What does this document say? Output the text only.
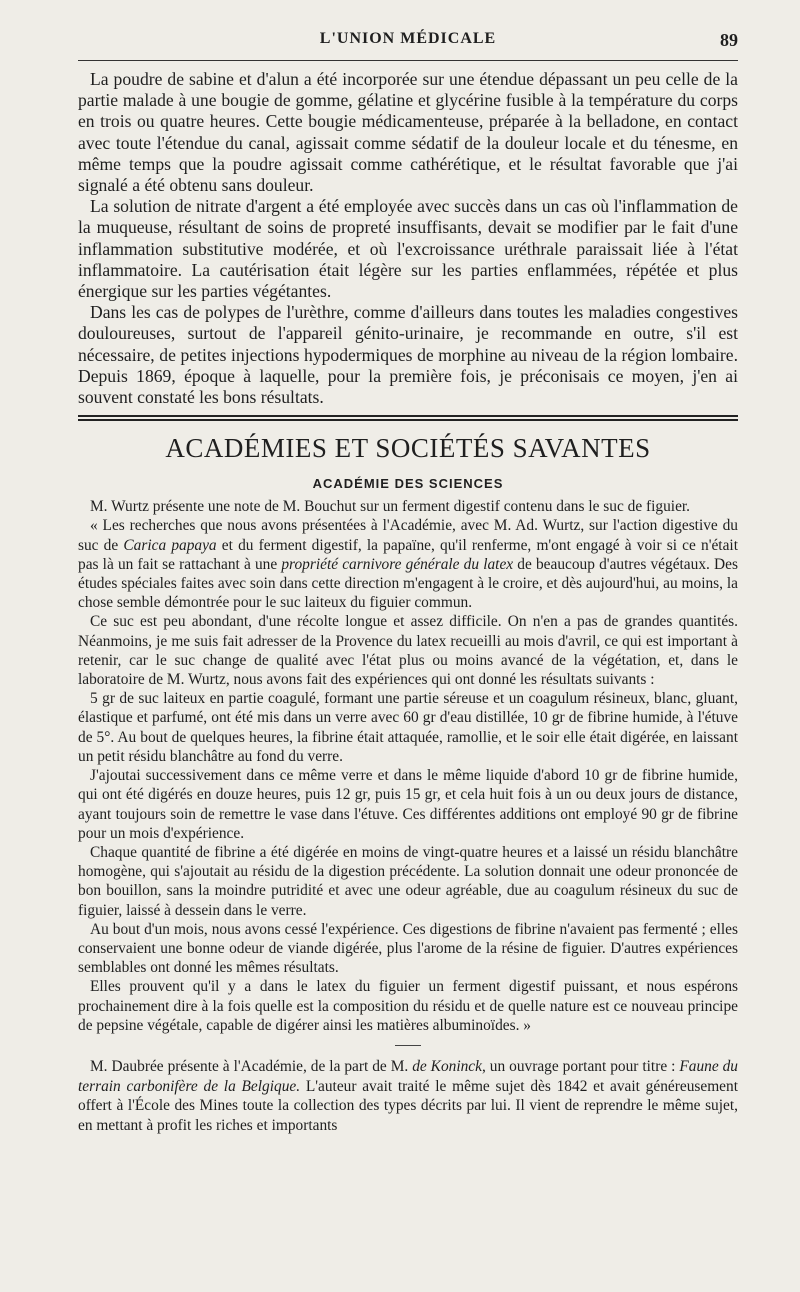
L'UNION MÉDICALE	89

La poudre de sabine et d'alun a été incorporée sur une étendue dépassant un peu celle de la partie malade à une bougie de gomme, gélatine et glycérine fusible à la température du corps en trois ou quatre heures. Cette bougie médicamenteuse, préparée à la belladone, en contact avec toute l'étendue du canal, agissait comme sédatif de la douleur locale et du ténesme, en même temps que la poudre agissait comme cathérétique, et le résultat favorable que j'ai signalé a été obtenu sans douleur.

La solution de nitrate d'argent a été employée avec succès dans un cas où l'inflammation de la muqueuse, résultant de soins de propreté insuffisants, devait se modifier par le fait d'une inflammation substitutive modérée, et où l'excroissance uréthrale paraissait liée à l'état inflammatoire. La cautérisation était légère sur les parties enflammées, répétée et plus énergique sur les parties végétantes.

Dans les cas de polypes de l'urèthre, comme d'ailleurs dans toutes les maladies congestives douloureuses, surtout de l'appareil génito-urinaire, je recommande en outre, s'il est nécessaire, de petites injections hypodermiques de morphine au niveau de la région lombaire. Depuis 1869, époque à laquelle, pour la première fois, je préconisais ce moyen, j'en ai souvent constaté les bons résultats.

ACADÉMIES ET SOCIÉTÉS SAVANTES
ACADÉMIE DES SCIENCES

M. Wurtz présente une note de M. Bouchut sur un ferment digestif contenu dans le suc de figuier.

« Les recherches que nous avons présentées à l'Académie, avec M. Ad. Wurtz, sur l'action digestive du suc de Carica papaya et du ferment digestif, la papaïne, qu'il renferme, m'ont engagé à voir si ce n'était pas là un fait se rattachant à une propriété carnivore générale du latex de beaucoup d'autres végétaux. Des études spéciales faites avec soin dans cette direction m'engagent à le croire, et dès aujourd'hui, au moins, la chose semble démontrée pour le suc laiteux du figuier commun.

Ce suc est peu abondant, d'une récolte longue et assez difficile. On n'en a pas de grandes quantités. Néanmoins, je me suis fait adresser de la Provence du latex recueilli au mois d'avril, ce qui est important à retenir, car le suc change de qualité avec l'état plus ou moins avancé de la végétation, et, dans le laboratoire de M. Wurtz, nous avons fait des expériences qui ont donné les résultats suivants :

5 gr de suc laiteux en partie coagulé, formant une partie séreuse et un coagulum résineux, blanc, gluant, élastique et parfumé, ont été mis dans un verre avec 60 gr d'eau distillée, 10 gr de fibrine humide, à l'étuve de 5°. Au bout de quelques heures, la fibrine était attaquée, ramollie, et le soir elle était digérée, en laissant un petit résidu blanchâtre au fond du verre.

J'ajoutai successivement dans ce même verre et dans le même liquide d'abord 10 gr de fibrine humide, qui ont été digérés en douze heures, puis 12 gr, puis 15 gr, et cela huit fois à un ou deux jours de distance, ayant toujours soin de remettre le vase dans l'étuve. Ces différentes additions ont employé 90 gr de fibrine pour un mois d'expérience.

Chaque quantité de fibrine a été digérée en moins de vingt-quatre heures et a laissé un résidu blanchâtre homogène, qui s'ajoutait au résidu de la digestion précédente. La solution donnait une odeur prononcée de bon bouillon, sans la moindre putridité et avec une odeur agréable, due au coagulum résineux du suc de figuier, laissé à dessein dans le verre.

Au bout d'un mois, nous avons cessé l'expérience. Ces digestions de fibrine n'avaient pas fermenté ; elles conservaient une bonne odeur de viande digérée, plus l'arome de la résine de figuier. D'autres expériences semblables ont donné les mêmes résultats.

Elles prouvent qu'il y a dans le latex du figuier un ferment digestif puissant, et nous espérons prochainement dire à la fois quelle est la composition du résidu et de quelle nature est ce nouveau principe de pepsine végétale, capable de digérer ainsi les matières albuminoïdes. »

M. Daubrée présente à l'Académie, de la part de M. de Koninck, un ouvrage portant pour titre : Faune du terrain carbonifère de la Belgique. L'auteur avait traité le même sujet dès 1842 et avait généreusement offert à l'École des Mines toute la collection des types décrits par lui. Il vient de reprendre le même sujet, en mettant à profit les riches et importants
